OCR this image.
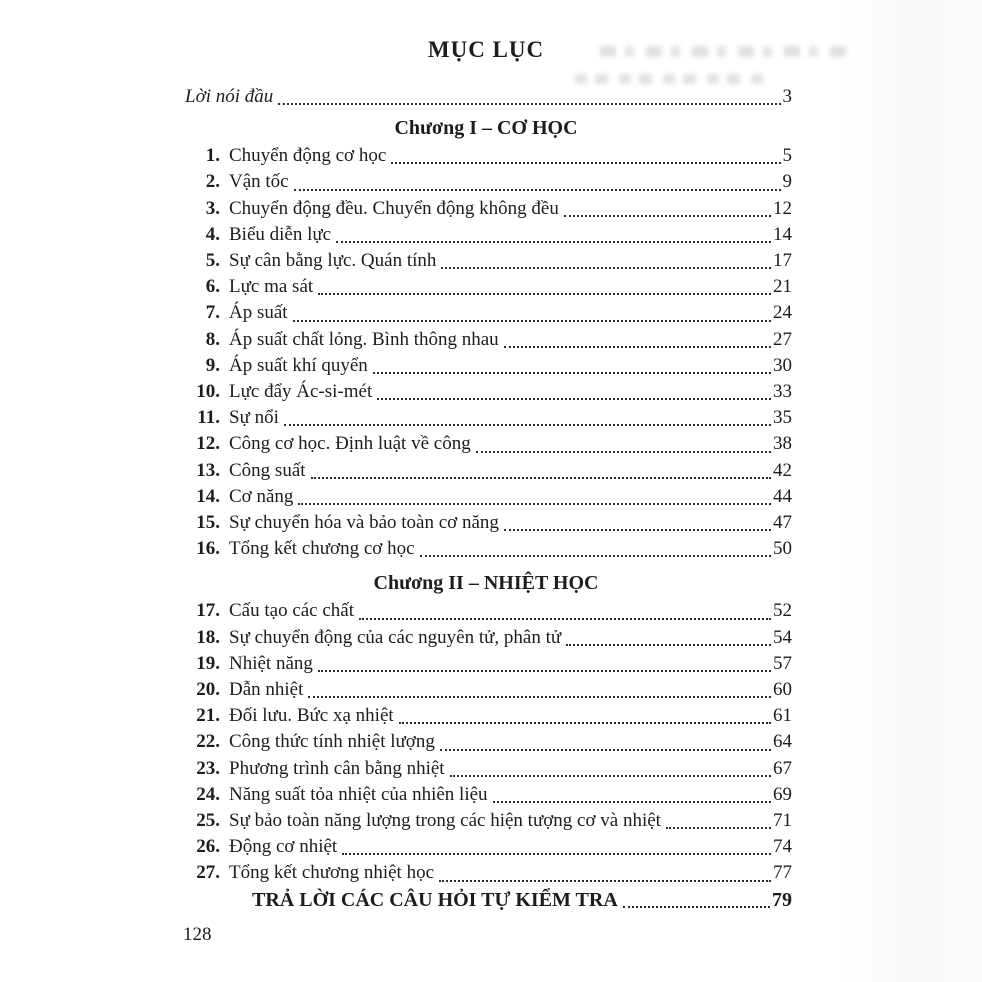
MỤC LỤC
Lời nói đầu	3
Chương I – CƠ HỌC
1. Chuyển động cơ học	5
2. Vận tốc	9
3. Chuyển động đều. Chuyển động không đều	12
4. Biểu diễn lực	14
5. Sự cân bằng lực. Quán tính	17
6. Lực ma sát	21
7. Áp suất	24
8. Áp suất chất lỏng. Bình thông nhau	27
9. Áp suất khí quyển	30
10. Lực đẩy Ác-si-mét	33
11. Sự nổi	35
12. Công cơ học. Định luật về công	38
13. Công suất	42
14. Cơ năng	44
15. Sự chuyển hóa và bảo toàn cơ năng	47
16. Tổng kết chương cơ học	50
Chương II – NHIỆT HỌC
17. Cấu tạo các chất	52
18. Sự chuyển động của các nguyên tử, phân tử	54
19. Nhiệt năng	57
20. Dẫn nhiệt	60
21. Đối lưu. Bức xạ nhiệt	61
22. Công thức tính nhiệt lượng	64
23. Phương trình cân bằng nhiệt	67
24. Năng suất tỏa nhiệt của nhiên liệu	69
25. Sự bảo toàn năng lượng trong các hiện tượng cơ và nhiệt	71
26. Động cơ nhiệt	74
27. Tổng kết chương nhiệt học	77
TRẢ LỜI CÁC CÂU HỎI TỰ KIỂM TRA	79
128
